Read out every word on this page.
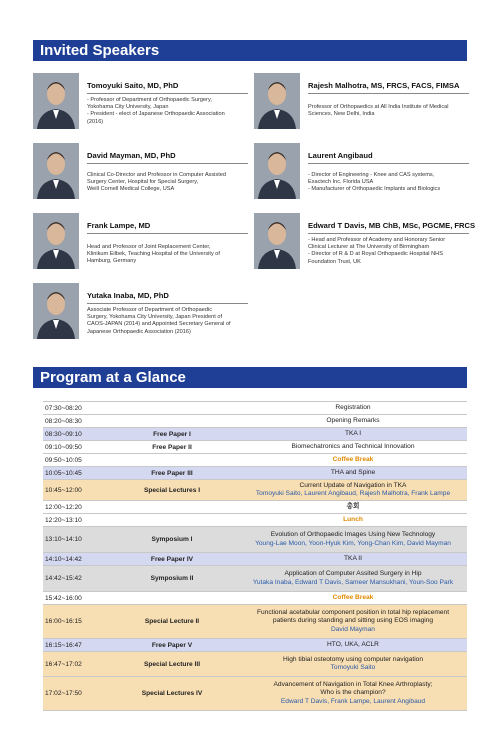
Invited Speakers
Tomoyuki Saito, MD, PhD
- Professor of Department of Orthopaedic Surgery,
Yokohama City University, Japan
- President - elect of Japanese Orthopaedic Association
(2016)
Rajesh Malhotra, MS, FRCS, FACS, FIMSA
Professor of Orthopaedics at All India Institute of Medical
Sciences, New Delhi, India
David Mayman, MD, PhD
Clinical Co-Director and Professor in Computer Assisted
Surgery Center, Hospital for Special Surgery,
Weill Cornell Medical College, USA
Laurent Angibaud
- Director of Engineering - Knee and CAS systems,
Exactech Inc. Florida USA
- Manufacturer of Orthopaedic Implants and Biologics
Frank Lampe, MD
Head and Professor of Joint Replacement Center,
Klinikum Eilbek, Teaching Hospital of the University of
Hamburg, Germany
Edward T Davis, MB ChB, MSc, PGCME, FRCS
- Head and Professor of Academy and Honorary Senior
Clinical Lecturer at The University of Birmingham
- Director of R & D at Royal Orthopaedic Hospital NHS
Foundation Trust, UK
Yutaka Inaba, MD, PhD
Associate Professor of Department of Orthopaedic
Surgery, Yokohama City University, Japan President of
CAOS-JAPAN (2014) and Appointed Secretary General of
Japanese Orthopaedic Association (2016)
Program at a Glance
07:30~08:20		Registration
08:20~08:30		Opening Remarks
08:30~09:10	Free Paper I	TKA I
09:10~09:50	Free Paper II	Biomechatronics and Technical Innovation
09:50~10:05		Coffee Break
10:05~10:45	Free Paper III	THA and Spine
10:45~12:00	Special Lectures I	Current Update of Navigation in TKA
Tomoyuki Saito, Laurent Angibaud, Rajesh Malhotra, Frank Lampe

12:00~12:20		총회
12:20~13:10		Lunch
13:10~14:10	Symposium I	Evolution of Orthopaedic Images Using New Technology
Young-Lae Moon, Yoon-Hyuk Kim, Yong-Chan Kim, David Mayman

14:10~14:42	Free Paper IV	TKA II
14:42~15:42	Symposium II	Application of Computer Assited Surgery in Hip
Yutaka Inaba, Edward T Davis, Sameer Mansukhani, Youn-Soo Park

15:42~16:00		Coffee Break
16:00~16:15	Special Lecture II	Functional acetabular component position in total hip replacement
patients during standing and sitting using EOS imaging
David Mayman

16:15~16:47	Free Paper V	HTO, UKA, ACLR
16:47~17:02	Special Lecture III	High tibial osteotomy using computer navigation
Tomoyuki Saito

17:02~17:50	Special Lectures IV	Advancement of Navigation in Total Knee Arthroplasty;
Who is the champion?
Edward T Davis, Frank Lampe, Laurent Angibaud
